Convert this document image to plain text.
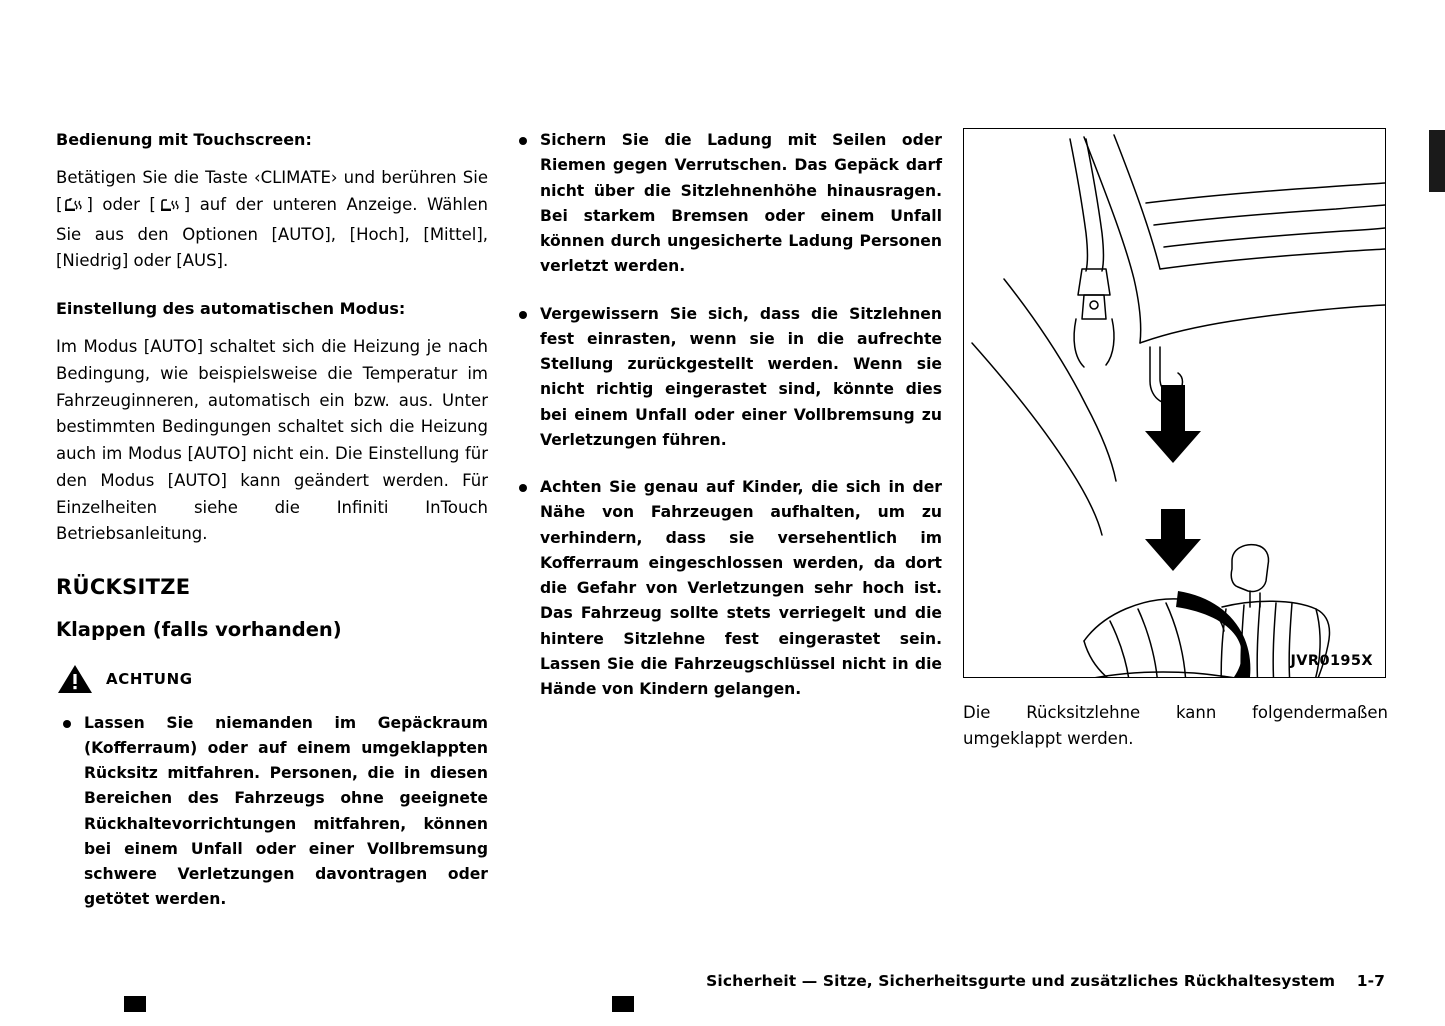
Bedienung mit Touchscreen:

Betätigen Sie die Taste ‹CLIMATE› und berühren Sie [ ] oder [ ] auf der unteren Anzeige. Wählen Sie aus den Optionen [AUTO], [Hoch], [Mittel], [Niedrig] oder [AUS].

Einstellung des automatischen Modus:

Im Modus [AUTO] schaltet sich die Heizung je nach Bedingung, wie beispielsweise die Temperatur im Fahrzeuginneren, automatisch ein bzw. aus. Unter bestimmten Bedingungen schaltet sich die Heizung auch im Modus [AUTO] nicht ein. Die Einstellung für den Modus [AUTO] kann geändert werden. Für Einzelheiten siehe die Infiniti InTouch Betriebsanleitung.

RÜCKSITZE
Klappen (falls vorhanden)
ACHTUNG
Lassen Sie niemanden im Gepäckraum (Kofferraum) oder auf einem umgeklappten Rücksitz mitfahren. Personen, die in diesen Bereichen des Fahrzeugs ohne geeignete Rückhaltevorrichtungen mitfahren, können bei einem Unfall oder einer Vollbremsung schwere Verletzungen davontragen oder getötet werden.
Sichern Sie die Ladung mit Seilen oder Riemen gegen Verrutschen. Das Gepäck darf nicht über die Sitzlehnenhöhe hinausragen. Bei starkem Bremsen oder einem Unfall können durch ungesicherte Ladung Personen verletzt werden.
Vergewissern Sie sich, dass die Sitzlehnen fest einrasten, wenn sie in die aufrechte Stellung zurückgestellt werden. Wenn sie nicht richtig eingerastet sind, könnte dies bei einem Unfall oder einer Vollbremsung zu Verletzungen führen.
Achten Sie genau auf Kinder, die sich in der Nähe von Fahrzeugen aufhalten, um zu verhindern, dass sie versehentlich im Kofferraum eingeschlossen werden, da dort die Gefahr von Verletzungen sehr hoch ist. Das Fahrzeug sollte stets verriegelt und die hintere Sitzlehne fest eingerastet sein. Lassen Sie die Fahrzeugschlüssel nicht in die Hände von Kindern gelangen.
JVR0195X

Die Rücksitzlehne kann folgendermaßen umgeklappt werden.

Sicherheit — Sitze, Sicherheitsgurte und zusätzliches Rückhaltesystem 1-7
